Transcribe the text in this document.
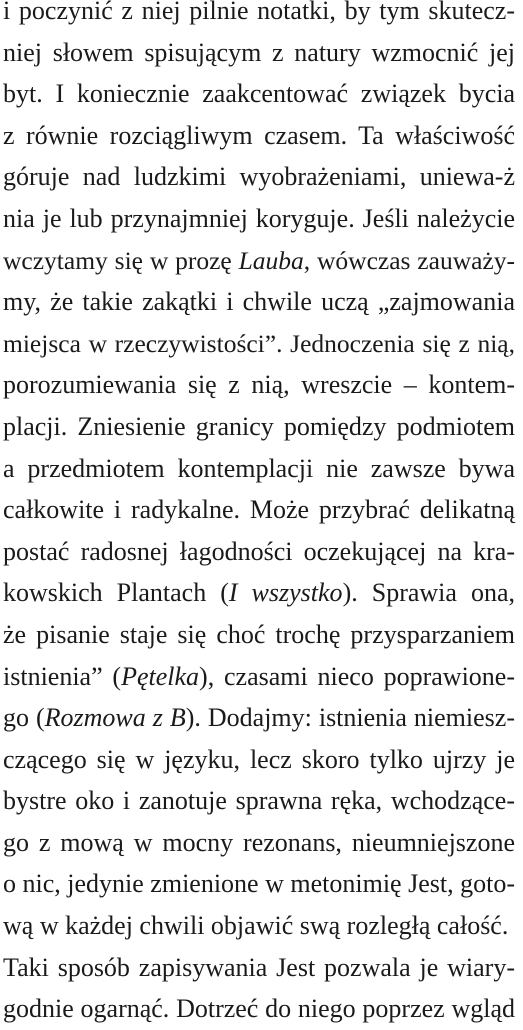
i poczynić z niej pilnie notatki, by tym skutecz-
niej słowem spisującym z natury wzmocnić jej
byt. I koniecznie zaakcentować związek bycia
z równie rozciągliwym czasem. Ta właściwość
góruje nad ludzkimi wyobrażeniami, uniewa-ż
nia je lub przynajmniej koryguje. Jeśli należycie
wczytamy się w prozę Lauba, wówczas zauważy-
my, że takie zakątki i chwile uczą „zajmowania
miejsca w rzeczywistości”. Jednoczenia się z nią,
porozumiewania się z nią, wreszcie – kontem-
placji. Zniesienie granicy pomiędzy podmiotem
a przedmiotem kontemplacji nie zawsze bywa
całkowite i radykalne. Może przybrać delikatną
postać radosnej łagodności oczekującej na kra-
kowskich Plantach (I wszystko). Sprawia ona,
że pisanie staje się choć trochę przysparzaniem
istnienia” (Pętelka), czasami nieco poprawione-
go (Rozmowa z B). Dodajmy: istnienia niemiesz-
czącego się w języku, lecz skoro tylko ujrzy je
bystre oko i zanotuje sprawna ręka, wchodzące-
go z mową w mocny rezonans, nieumniejszone
o nic, jedynie zmienione w metonimię Jest, goto-
wą w każdej chwili objawić swą rozległą całość.
Taki sposób zapisywania Jest pozwala je wiary-
godnie ogarnąć. Dotrzeć do niego poprzez wgląd
